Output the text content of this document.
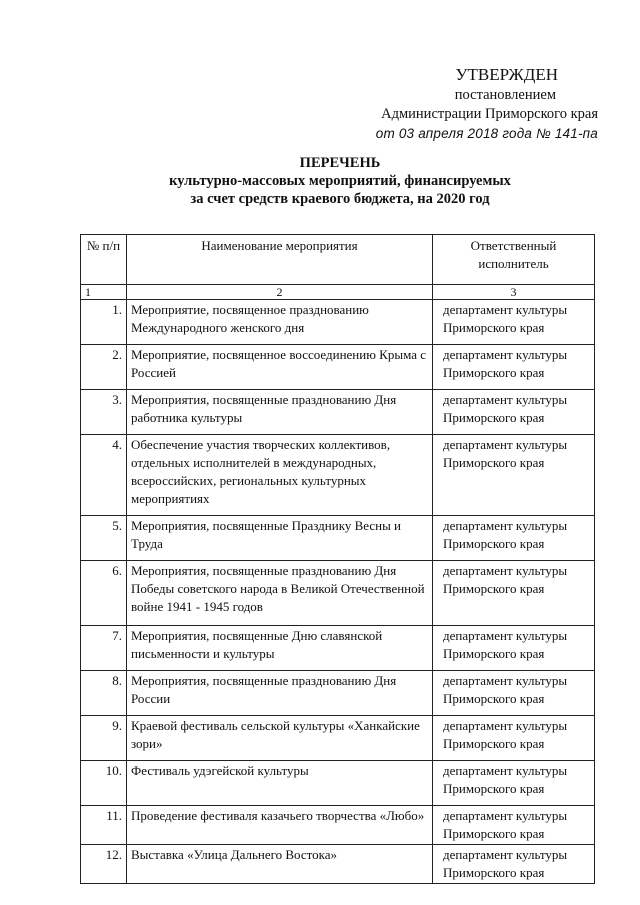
УТВЕРЖДЕН
постановлением
Администрации Приморского края
от 03 апреля 2018 года № 141-па
ПЕРЕЧЕНЬ
культурно-массовых мероприятий, финансируемых
за счет средств краевого бюджета, на 2020 год
№ п/п	Наименование мероприятия	Ответственный исполнитель
1	2	3
1.	Мероприятие, посвященное празднованию Международного женского дня	департамент культуры Приморского края
2.	Мероприятие, посвященное воссоединению Крыма с Россией	департамент культуры Приморского края
3.	Мероприятия, посвященные празднованию Дня работника культуры	департамент культуры Приморского края
4.	Обеспечение участия творческих коллективов, отдельных исполнителей в международных, всероссийских, региональных культурных мероприятиях	департамент культуры Приморского края
5.	Мероприятия, посвященные Празднику Весны и Труда	департамент культуры Приморского края
6.	Мероприятия, посвященные празднованию Дня Победы советского народа в Великой Отечественной войне 1941 - 1945 годов	департамент культуры Приморского края
7.	Мероприятия, посвященные Дню славянской письменности и культуры	департамент культуры Приморского края
8.	Мероприятия, посвященные празднованию Дня России	департамент культуры Приморского края
9.	Краевой фестиваль сельской культуры «Ханкайские зори»	департамент культуры Приморского края
10.	Фестиваль удэгейской культуры	департамент культуры Приморского края
11.	Проведение фестиваля казачьего творчества «Любо»	департамент культуры Приморского края
12.	Выставка «Улица Дальнего Востока»	департамент культуры Приморского края
